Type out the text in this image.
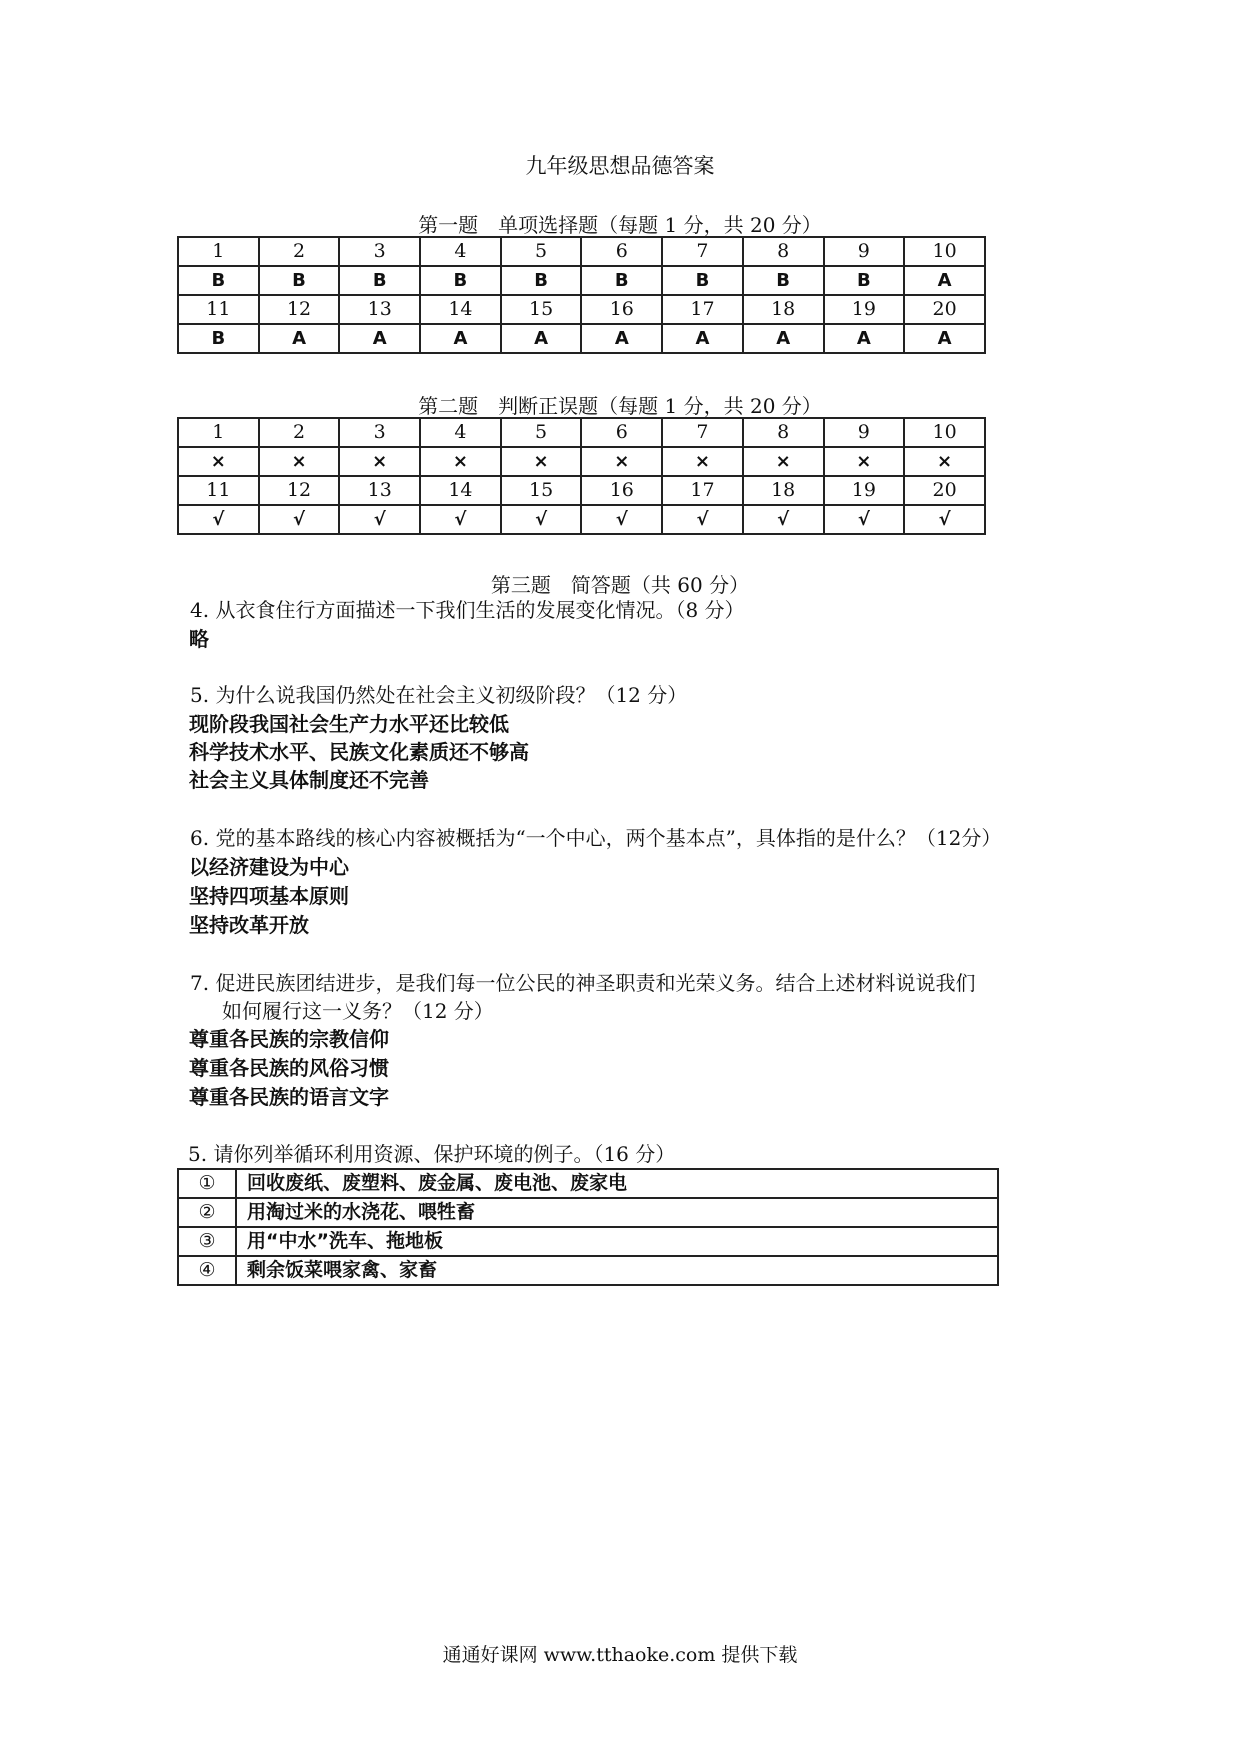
九年级思想品德答案
第一题　单项选择题（每题 1 分，共 20 分）
1	2	3	4	5	6	7	8	9	10
B	B	B	B	B	B	B	B	B	A
11	12	13	14	15	16	17	18	19	20
B	A	A	A	A	A	A	A	A	A
第二题　判断正误题（每题 1 分，共 20 分）
1	2	3	4	5	6	7	8	9	10
×	×	×	×	×	×	×	×	×	×
11	12	13	14	15	16	17	18	19	20
√	√	√	√	√	√	√	√	√	√
第三题　简答题（共 60 分）
4. 从衣食住行方面描述一下我们生活的发展变化情况。（8 分）
略
5. 为什么说我国仍然处在社会主义初级阶段？（12 分）
现阶段我国社会生产力水平还比较低
科学技术水平、民族文化素质还不够高
社会主义具体制度还不完善
6. 党的基本路线的核心内容被概括为“一个中心，两个基本点”，具体指的是什么？（12分）
以经济建设为中心
坚持四项基本原则
坚持改革开放
7. 促进民族团结进步，是我们每一位公民的神圣职责和光荣义务。结合上述材料说说我们
如何履行这一义务？（12 分）
尊重各民族的宗教信仰
尊重各民族的风俗习惯
尊重各民族的语言文字
5. 请你列举循环利用资源、保护环境的例子。（16 分）
①	回收废纸、废塑料、废金属、废电池、废家电
②	用淘过米的水浇花、喂牲畜
③	用“中水”洗车、拖地板
④	剩余饭菜喂家禽、家畜
通通好课网 www.tthaoke.com 提供下载
